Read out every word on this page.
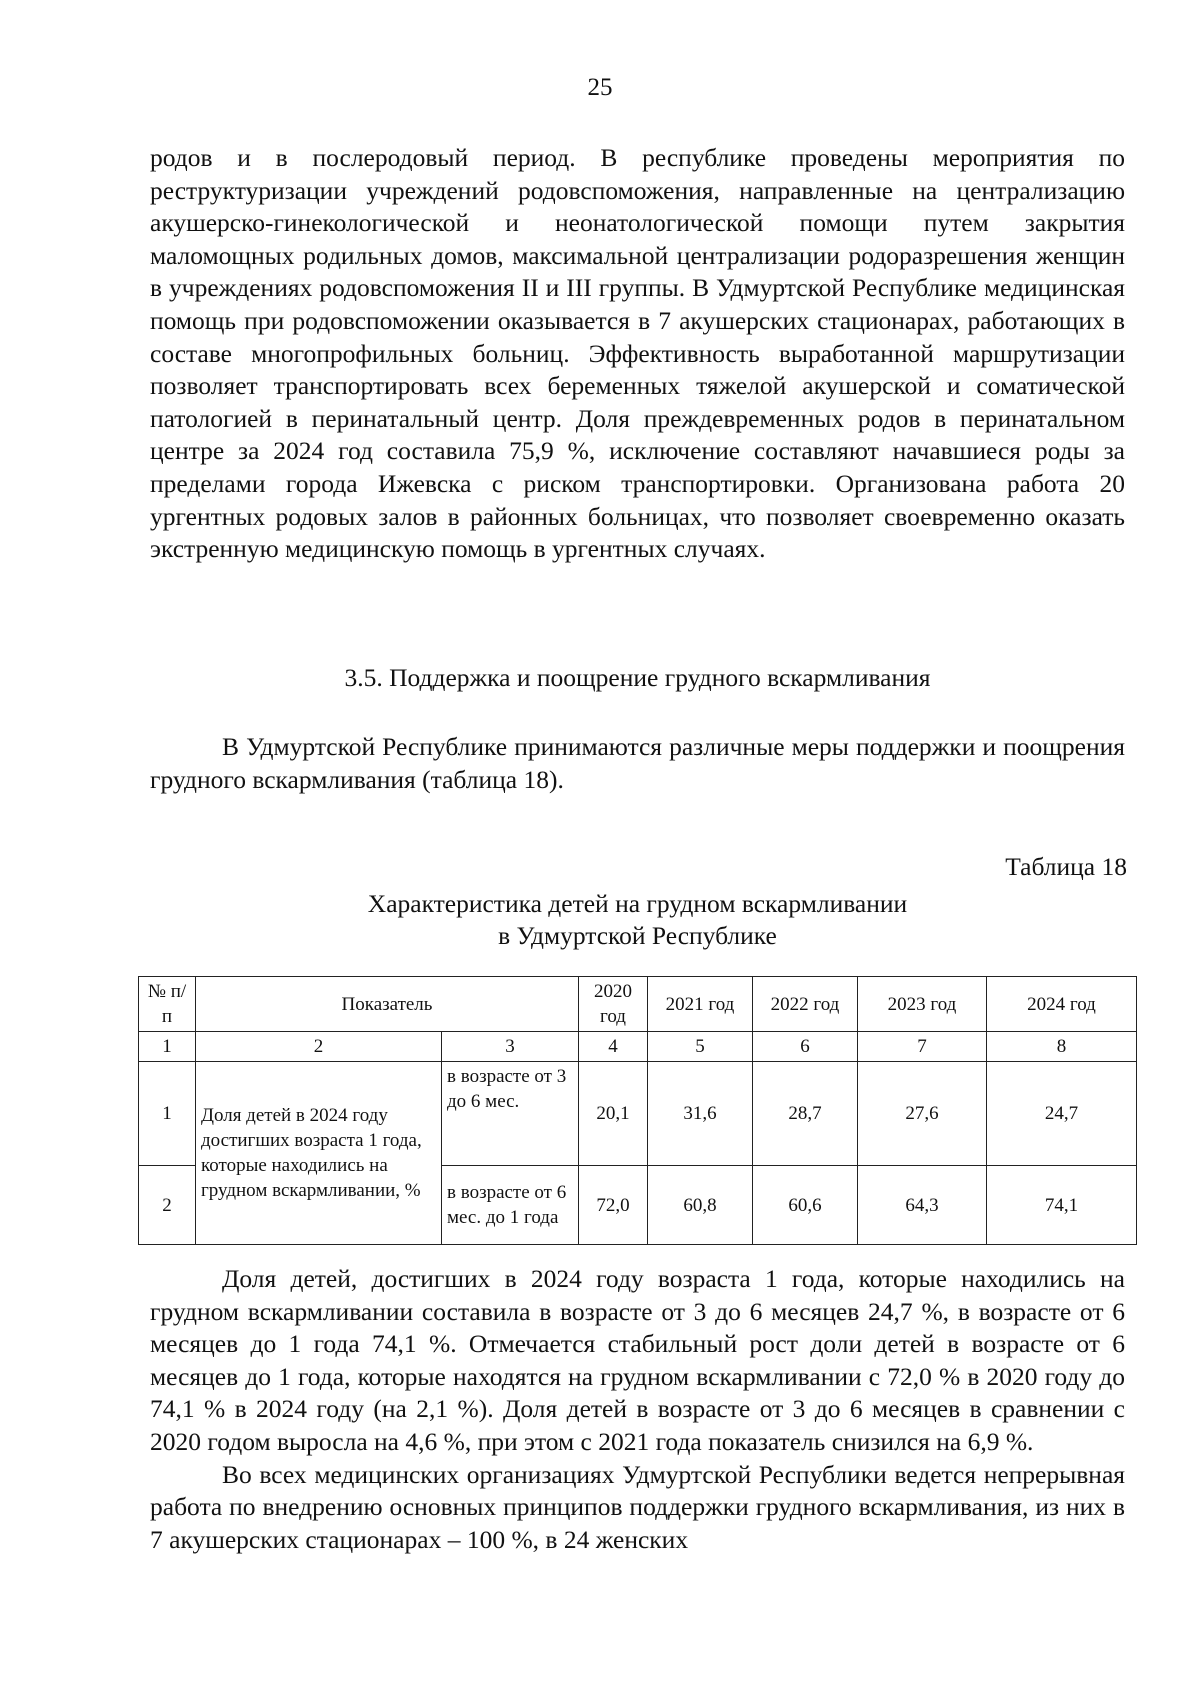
25

родов и в послеродовый период. В республике проведены мероприятия по реструктуризации учреждений родовспоможения, направленные на централизацию акушерско-гинекологической и неонатологической помощи путем закрытия маломощных родильных домов, максимальной централизации родоразрешения женщин в учреждениях родовспоможения II и III группы. В Удмуртской Республике медицинская помощь при родовспоможении оказывается в 7 акушерских стационарах, работающих в составе многопрофильных больниц. Эффективность выработанной маршрутизации позволяет транспортировать всех беременных тяжелой акушерской и соматической патологией в перинатальный центр. Доля преждевременных родов в перинатальном центре за 2024 год составила 75,9 %, исключение составляют начавшиеся роды за пределами города Ижевска с риском транспортировки. Организована работа 20 ургентных родовых залов в районных больницах, что позволяет своевременно оказать экстренную медицинскую помощь в ургентных случаях.

3.5. Поддержка и поощрение грудного вскармливания

В Удмуртской Республике принимаются различные меры поддержки и поощрения грудного вскармливания (таблица 18).

Таблица 18
Характеристика детей на грудном вскармливании
в Удмуртской Республике
№ п/п	Показатель		2020 год	2021 год	2022 год	2023 год	2024 год
1	2	3	4	5	6	7	8
1	Доля детей в 2024 году достигших возраста 1 года, которые находились на грудном вскармливании, %	в возрасте от 3 до 6 мес.	20,1	31,6	28,7	27,6	24,7
2		в возрасте от 6 мес. до 1 года	72,0	60,8	60,6	64,3	74,1

Доля детей, достигших в 2024 году возраста 1 года, которые находились на грудном вскармливании составила в возрасте от 3 до 6 месяцев 24,7 %, в возрасте от 6 месяцев до 1 года 74,1 %. Отмечается стабильный рост доли детей в возрасте от 6 месяцев до 1 года, которые находятся на грудном вскармливании с 72,0 % в 2020 году до 74,1 % в 2024 году (на 2,1 %). Доля детей в возрасте от 3 до 6 месяцев в сравнении с 2020 годом выросла на 4,6 %, при этом с 2021 года показатель снизился на 6,9 %.

Во всех медицинских организациях Удмуртской Республики ведется непрерывная работа по внедрению основных принципов поддержки грудного вскармливания, из них в 7 акушерских стационарах – 100 %, в 24 женских
